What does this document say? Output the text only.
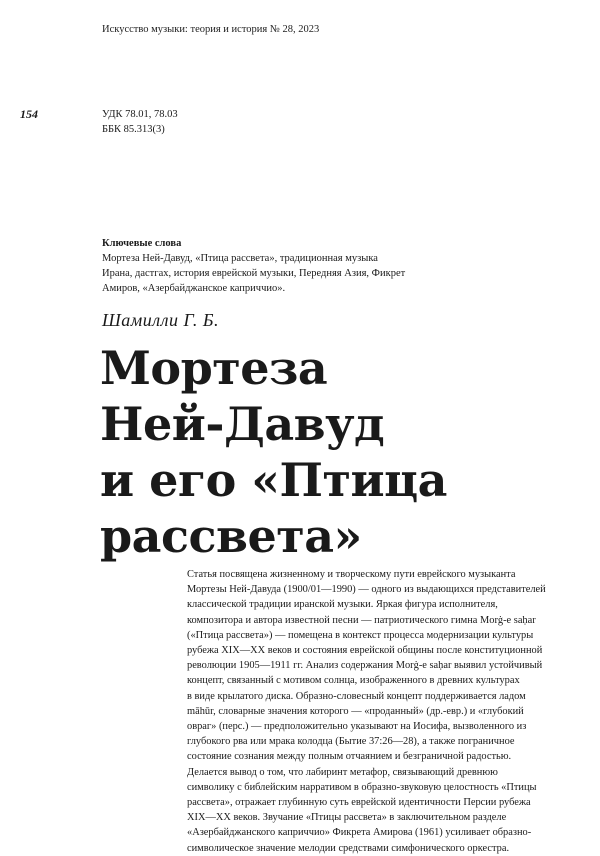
Искусство музыки: теория и история № 28, 2023
154	УДК 78.01, 78.03
ББК 85.313(3)
Ключевые слова
Мортеза Ней-Давуд, «Птица рассвета», традиционная музыка
Ирана, дастгах, история еврейской музыки, Передняя Азия, Фикрет
Амиров, «Азербайджанское каприччио».
Шамилли Г. Б.
Мортеза
Ней-Давуд
и его «Птица
рассвета»
Статья посвящена жизненному и творческому пути еврейского музыканта
Мортезы Ней-Давуда (1900/01—1990) — одного из выдающихся представителей
классической традиции иранской музыки. Яркая фигура исполнителя,
композитора и автора известной песни — патриотического гимна Morġ-e saḥar
(«Птица рассвета») — помещена в контекст процесса модернизации культуры
рубежа XIX—XX веков и состояния еврейской общины после конституционной
революции 1905—1911 гг. Анализ содержания Morġ-e saḥar выявил устойчивый
концепт, связанный с мотивом солнца, изображенного в древних культурах
в виде крылатого диска. Образно-словесный концепт поддерживается ладом
māhūr, словарные значения которого — «проданный» (др.-евр.) и «глубокий
овраг» (перс.) — предположительно указывают на Иосифа, вызволенного из
глубокого рва или мрака колодца (Бытие 37:26—28), а также пограничное
состояние сознания между полным отчаянием и безграничной радостью.
Делается вывод о том, что лабиринт метафор, связывающий древнюю
символику с библейским нарративом в образно-звуковую целостность «Птицы
рассвета», отражает глубинную суть еврейской идентичности Персии рубежа
XIX—XX веков. Звучание «Птицы рассвета» в заключительном разделе
«Азербайджанского каприччио» Фикрета Амирова (1961) усиливает образно-
символическое значение мелодии средствами симфонического оркестра.
